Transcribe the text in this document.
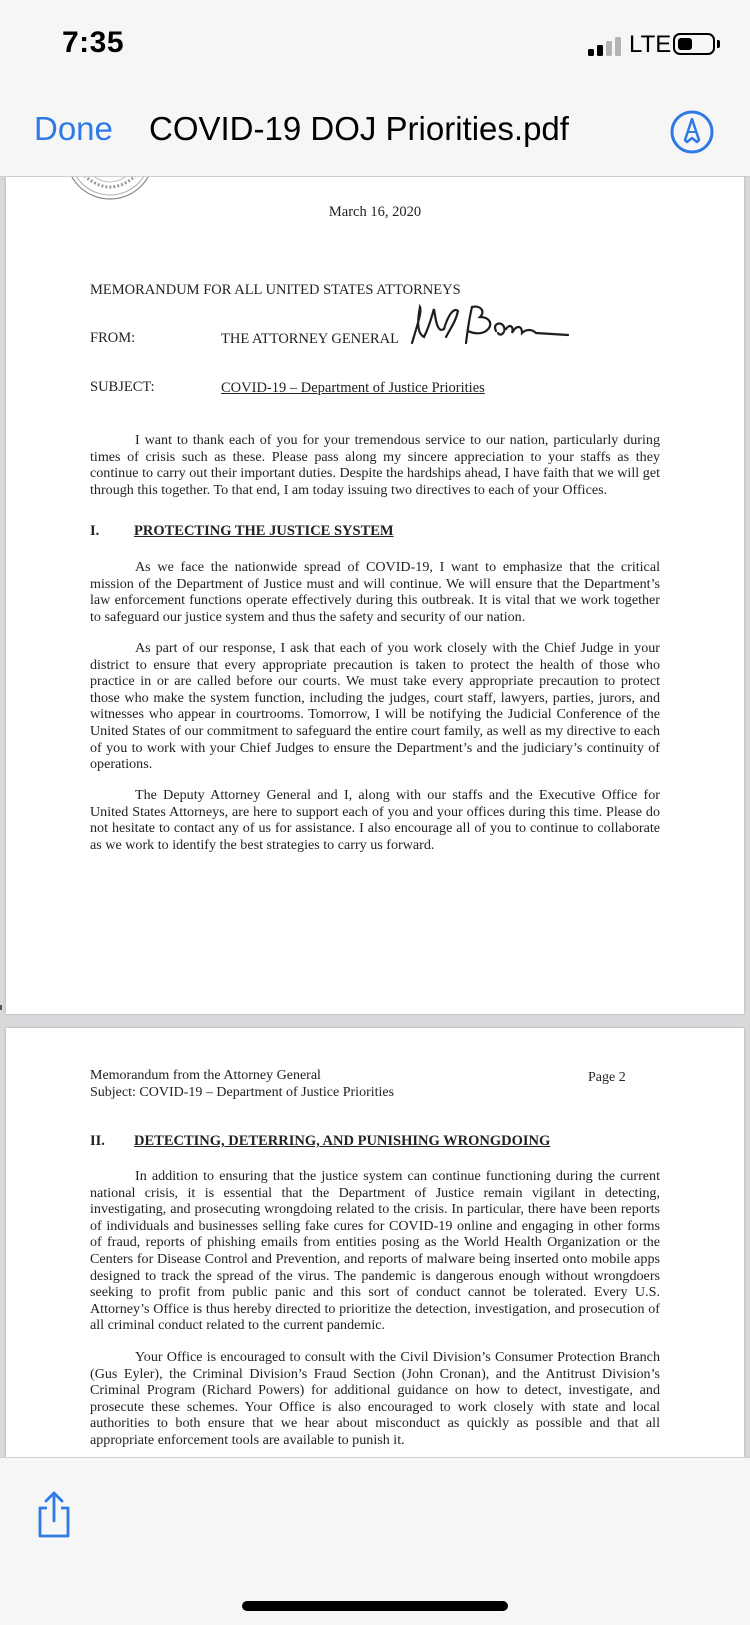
7:35	LTE
Done COVID-19 DOJ Priorities.pdf
March 16, 2020
MEMORANDUM FOR ALL UNITED STATES ATTORNEYS
FROM:	THE ATTORNEY GENERAL
SUBJECT:	COVID-19 – Department of Justice Priorities
I want to thank each of you for your tremendous service to our nation, particularly during times of crisis such as these. Please pass along my sincere appreciation to your staffs as they continue to carry out their important duties. Despite the hardships ahead, I have faith that we will get through this together. To that end, I am today issuing two directives to each of your Offices.
I. PROTECTING THE JUSTICE SYSTEM
As we face the nationwide spread of COVID-19, I want to emphasize that the critical mission of the Department of Justice must and will continue. We will ensure that the Department’s law enforcement functions operate effectively during this outbreak. It is vital that we work together to safeguard our justice system and thus the safety and security of our nation.
As part of our response, I ask that each of you work closely with the Chief Judge in your district to ensure that every appropriate precaution is taken to protect the health of those who practice in or are called before our courts. We must take every appropriate precaution to protect those who make the system function, including the judges, court staff, lawyers, parties, jurors, and witnesses who appear in courtrooms. Tomorrow, I will be notifying the Judicial Conference of the United States of our commitment to safeguard the entire court family, as well as my directive to each of you to work with your Chief Judges to ensure the Department’s and the judiciary’s continuity of operations.
The Deputy Attorney General and I, along with our staffs and the Executive Office for United States Attorneys, are here to support each of you and your offices during this time. Please do not hesitate to contact any of us for assistance. I also encourage all of you to continue to collaborate as we work to identify the best strategies to carry us forward.
Memorandum from the Attorney General
Subject: COVID-19 – Department of Justice Priorities
Page 2
II. DETECTING, DETERRING, AND PUNISHING WRONGDOING
In addition to ensuring that the justice system can continue functioning during the current national crisis, it is essential that the Department of Justice remain vigilant in detecting, investigating, and prosecuting wrongdoing related to the crisis. In particular, there have been reports of individuals and businesses selling fake cures for COVID-19 online and engaging in other forms of fraud, reports of phishing emails from entities posing as the World Health Organization or the Centers for Disease Control and Prevention, and reports of malware being inserted onto mobile apps designed to track the spread of the virus. The pandemic is dangerous enough without wrongdoers seeking to profit from public panic and this sort of conduct cannot be tolerated. Every U.S. Attorney’s Office is thus hereby directed to prioritize the detection, investigation, and prosecution of all criminal conduct related to the current pandemic.
Your Office is encouraged to consult with the Civil Division’s Consumer Protection Branch (Gus Eyler), the Criminal Division’s Fraud Section (John Cronan), and the Antitrust Division’s Criminal Program (Richard Powers) for additional guidance on how to detect, investigate, and prosecute these schemes. Your Office is also encouraged to work closely with state and local authorities to both ensure that we hear about misconduct as quickly as possible and that all appropriate enforcement tools are available to punish it.
